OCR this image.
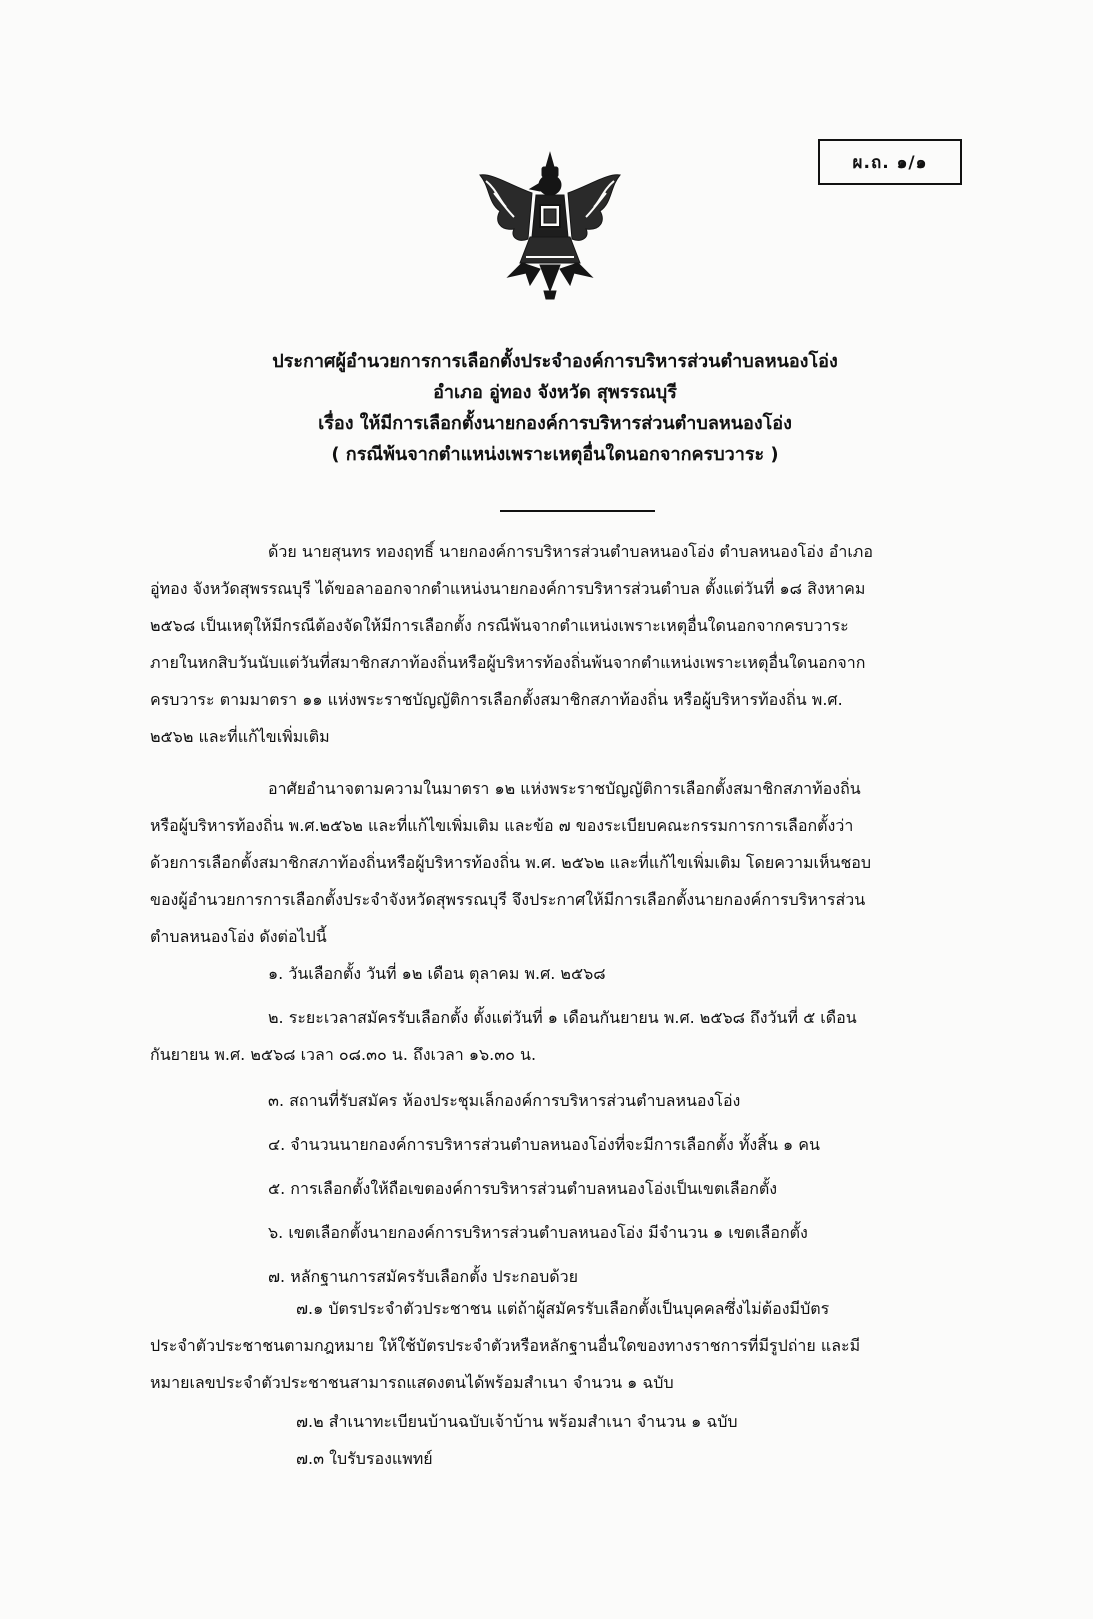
ผ.ถ. ๑/๑
ประกาศผู้อำนวยการการเลือกตั้งประจำองค์การบริหารส่วนตำบลหนองโอ่ง
อำเภอ อู่ทอง จังหวัด สุพรรณบุรี
เรื่อง ให้มีการเลือกตั้งนายกองค์การบริหารส่วนตำบลหนองโอ่ง
( กรณีพ้นจากตำแหน่งเพราะเหตุอื่นใดนอกจากครบวาระ )
ด้วย นายสุนทร ทองฤทธิ์ นายกองค์การบริหารส่วนตำบลหนองโอ่ง ตำบลหนองโอ่ง อำเภอ
อู่ทอง จังหวัดสุพรรณบุรี ได้ขอลาออกจากตำแหน่งนายกองค์การบริหารส่วนตำบล ตั้งแต่วันที่ ๑๘ สิงหาคม
๒๕๖๘ เป็นเหตุให้มีกรณีต้องจัดให้มีการเลือกตั้ง กรณีพ้นจากตำแหน่งเพราะเหตุอื่นใดนอกจากครบวาระ
ภายในหกสิบวันนับแต่วันที่สมาชิกสภาท้องถิ่นหรือผู้บริหารท้องถิ่นพ้นจากตำแหน่งเพราะเหตุอื่นใดนอกจาก
ครบวาระ ตามมาตรา ๑๑ แห่งพระราชบัญญัติการเลือกตั้งสมาชิกสภาท้องถิ่น หรือผู้บริหารท้องถิ่น พ.ศ.
๒๕๖๒ และที่แก้ไขเพิ่มเติม
อาศัยอำนาจตามความในมาตรา ๑๒ แห่งพระราชบัญญัติการเลือกตั้งสมาชิกสภาท้องถิ่น
หรือผู้บริหารท้องถิ่น พ.ศ.๒๕๖๒ และที่แก้ไขเพิ่มเติม และข้อ ๗ ของระเบียบคณะกรรมการการเลือกตั้งว่า
ด้วยการเลือกตั้งสมาชิกสภาท้องถิ่นหรือผู้บริหารท้องถิ่น พ.ศ. ๒๕๖๒ และที่แก้ไขเพิ่มเติม โดยความเห็นชอบ
ของผู้อำนวยการการเลือกตั้งประจำจังหวัดสุพรรณบุรี จึงประกาศให้มีการเลือกตั้งนายกองค์การบริหารส่วน
ตำบลหนองโอ่ง ดังต่อไปนี้
๑. วันเลือกตั้ง วันที่ ๑๒ เดือน ตุลาคม พ.ศ. ๒๕๖๘
๒. ระยะเวลาสมัครรับเลือกตั้ง ตั้งแต่วันที่ ๑ เดือนกันยายน พ.ศ. ๒๕๖๘ ถึงวันที่ ๕ เดือน
กันยายน พ.ศ. ๒๕๖๘ เวลา ๐๘.๓๐ น. ถึงเวลา ๑๖.๓๐ น.
๓. สถานที่รับสมัคร ห้องประชุมเล็กองค์การบริหารส่วนตำบลหนองโอ่ง
๔. จำนวนนายกองค์การบริหารส่วนตำบลหนองโอ่งที่จะมีการเลือกตั้ง ทั้งสิ้น ๑ คน
๕. การเลือกตั้งให้ถือเขตองค์การบริหารส่วนตำบลหนองโอ่งเป็นเขตเลือกตั้ง
๖. เขตเลือกตั้งนายกองค์การบริหารส่วนตำบลหนองโอ่ง มีจำนวน ๑ เขตเลือกตั้ง
๗. หลักฐานการสมัครรับเลือกตั้ง ประกอบด้วย
๗.๑ บัตรประจำตัวประชาชน แต่ถ้าผู้สมัครรับเลือกตั้งเป็นบุคคลซึ่งไม่ต้องมีบัตร
ประจำตัวประชาชนตามกฎหมาย ให้ใช้บัตรประจำตัวหรือหลักฐานอื่นใดของทางราชการที่มีรูปถ่าย และมี
หมายเลขประจำตัวประชาชนสามารถแสดงตนได้พร้อมสำเนา จำนวน ๑ ฉบับ
๗.๒ สำเนาทะเบียนบ้านฉบับเจ้าบ้าน พร้อมสำเนา จำนวน ๑ ฉบับ
๗.๓ ใบรับรองแพทย์
